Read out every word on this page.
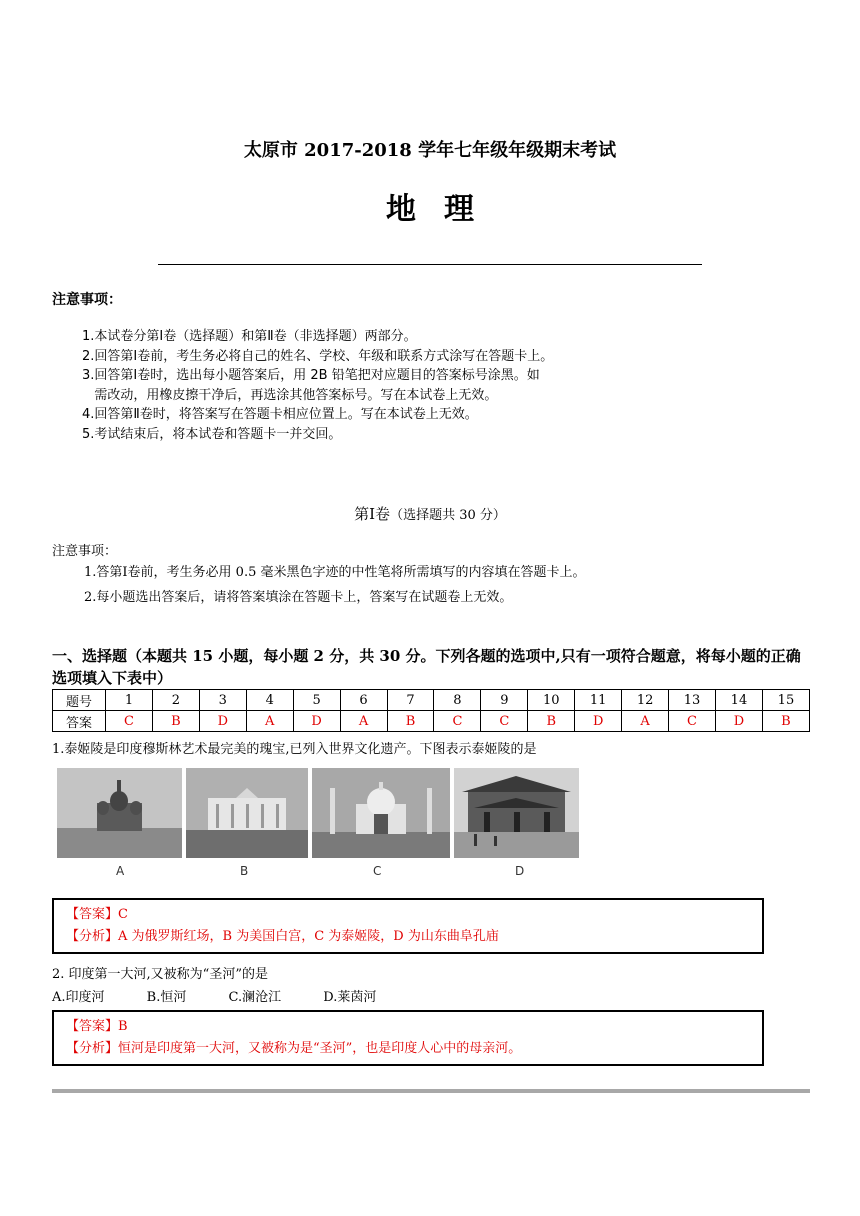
太原市 2017-2018 学年七年级年级期末考试
地理
注意事项：
1.本试卷分第Ⅰ卷（选择题）和第Ⅱ卷（非选择题）两部分。
2.回答第Ⅰ卷前，考生务必将自己的姓名、学校、年级和联系方式涂写在答题卡上。
3.回答第Ⅰ卷时，选出每小题答案后，用 2B 铅笔把对应题目的答案标号涂黑。如
需改动，用橡皮擦干净后，再选涂其他答案标号。写在本试卷上无效。
4.回答第Ⅱ卷时，将答案写在答题卡相应位置上。写在本试卷上无效。
5.考试结束后，将本试卷和答题卡一并交回。
第Ⅰ卷（选择题共 30 分）
注意事项：
1.答第Ⅰ卷前，考生务必用 0.5 毫米黑色字迹的中性笔将所需填写的内容填在答题卡上。
2.每小题选出答案后，请将答案填涂在答题卡上，答案写在试题卷上无效。
一、选择题（本题共 15 小题，每小题 2 分，共 30 分。下列各题的选项中,只有一项符合题意，将每小题的正确选项填入下表中）
题号	1	2	3	4	5	6	7	8	9	10	11	12	13	14	15
答案	C	B	D	A	D	A	B	C	C	B	D	A	C	D	B
1.泰姬陵是印度穆斯林艺术最完美的瑰宝,已列入世界文化遗产。下图表示泰姬陵的是
A	B	C	D
【答案】C
【分析】A 为俄罗斯红场，B 为美国白宫，C 为泰姬陵，D 为山东曲阜孔庙
2. 印度第一大河,又被称为“圣河”的是
A.印度河	B.恒河	C.澜沧江	D.莱茵河
【答案】B
【分析】恒河是印度第一大河，又被称为是“圣河”，也是印度人心中的母亲河。
